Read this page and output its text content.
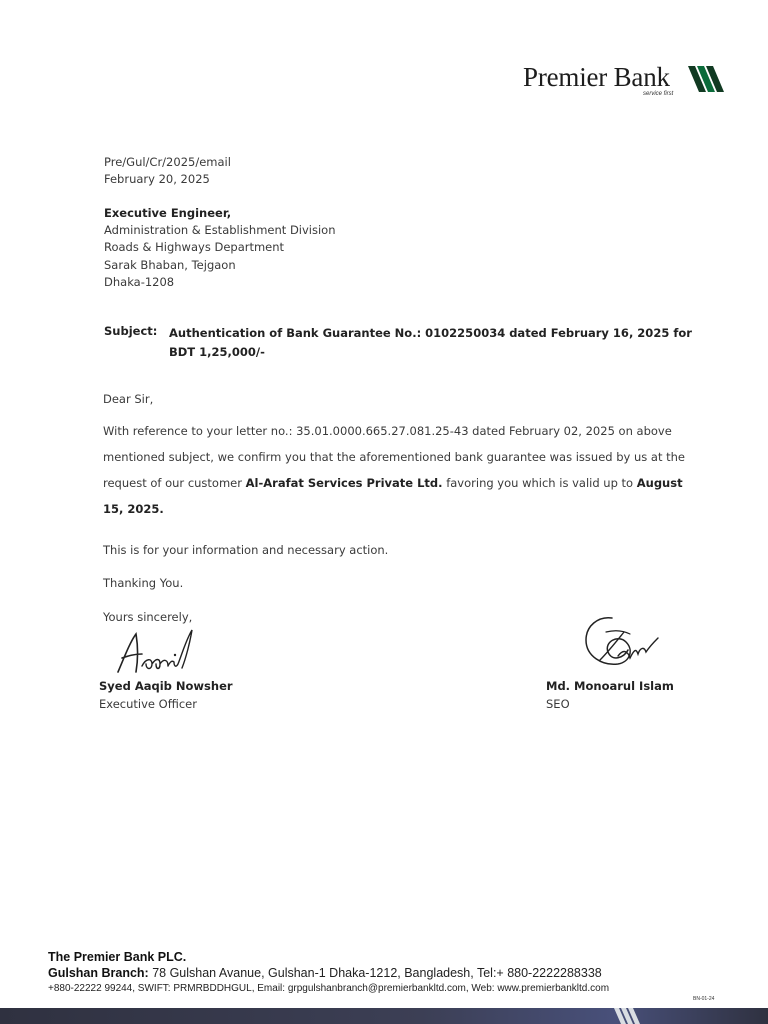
Premier Bank
service first
Pre/Gul/Cr/2025/email
February 20, 2025
Executive Engineer,
Administration & Establishment Division
Roads & Highways Department
Sarak Bhaban, Tejgaon
Dhaka-1208
Subject: Authentication of Bank Guarantee No.: 0102250034 dated February 16, 2025 for BDT 1,25,000/-
Dear Sir,
With reference to your letter no.: 35.01.0000.665.27.081.25-43 dated February 02, 2025 on above mentioned subject, we confirm you that the aforementioned bank guarantee was issued by us at the request of our customer Al-Arafat Services Private Ltd. favoring you which is valid up to August 15, 2025.
This is for your information and necessary action.
Thanking You.
Yours sincerely,
Syed Aaqib Nowsher
Executive Officer
Md. Monoarul Islam
SEO
The Premier Bank PLC.
Gulshan Branch: 78 Gulshan Avanue, Gulshan-1 Dhaka-1212, Bangladesh, Tel:+ 880-2222288338
+880-22222 99244, SWIFT: PRMRBDDHGUL, Email: grpgulshanbranch@premierbankltd.com, Web: www.premierbankltd.com
BN-01-24
